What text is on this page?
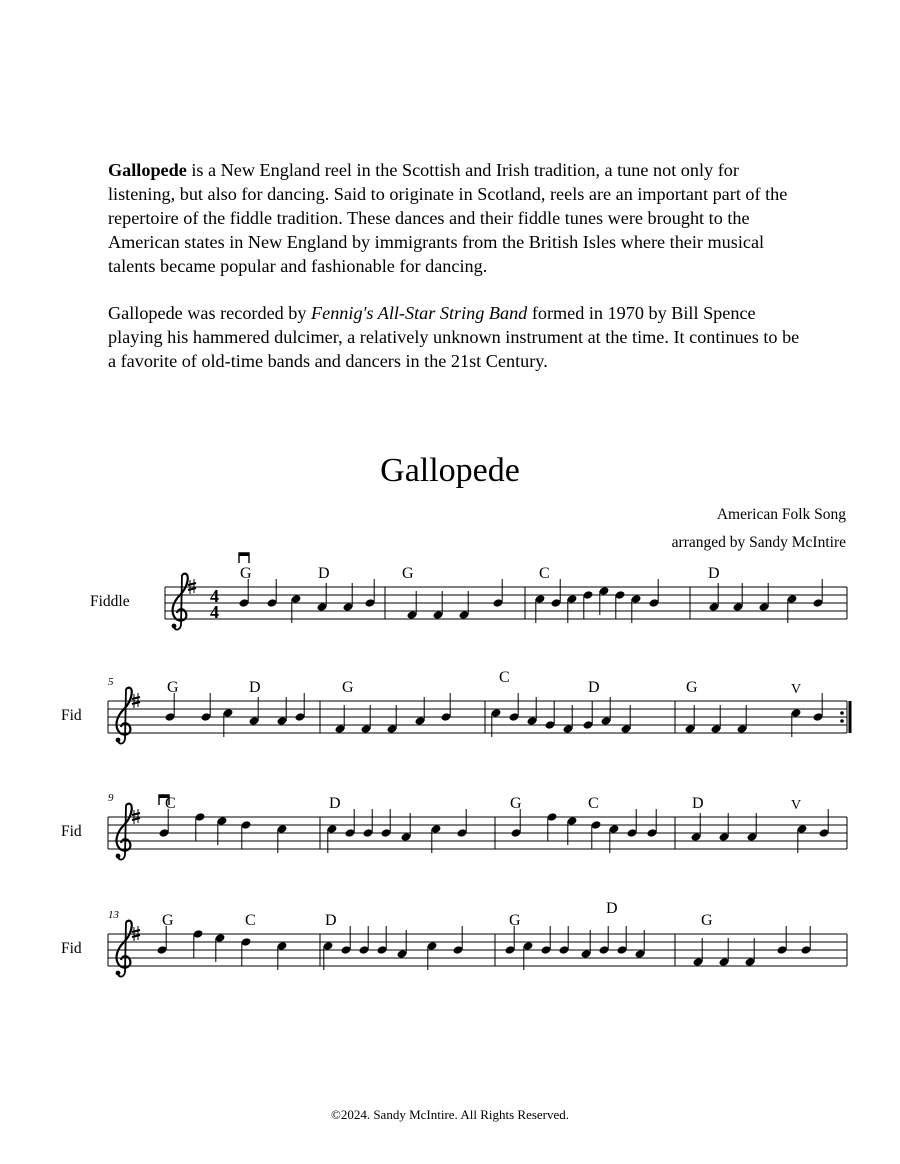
Gallopede is a New England reel in the Scottish and Irish tradition, a tune not only for listening, but also for dancing. Said to originate in Scotland, reels are an important part of the repertoire of the fiddle tradition. These dances and their fiddle tunes were brought to the American states in New England by immigrants from the British Isles where their musical talents became popular and fashionable for dancing.

Gallopede was recorded by Fennig's All-Star String Band formed in 1970 by Bill Spence playing his hammered dulcimer, a relatively unknown instrument at the time. It continues to be a favorite of old-time bands and dancers in the 21st Century.

Gallopede
American Folk Song
arranged by Sandy McIntire
4
4
Fiddle
G	D	G	C	D
Fid
5	G	D	G
C
D	G	V
Fid
9	C	D	G	C	D	V
Fid
13	G	C	D	G
D
G
©2024. Sandy McIntire. All Rights Reserved.
